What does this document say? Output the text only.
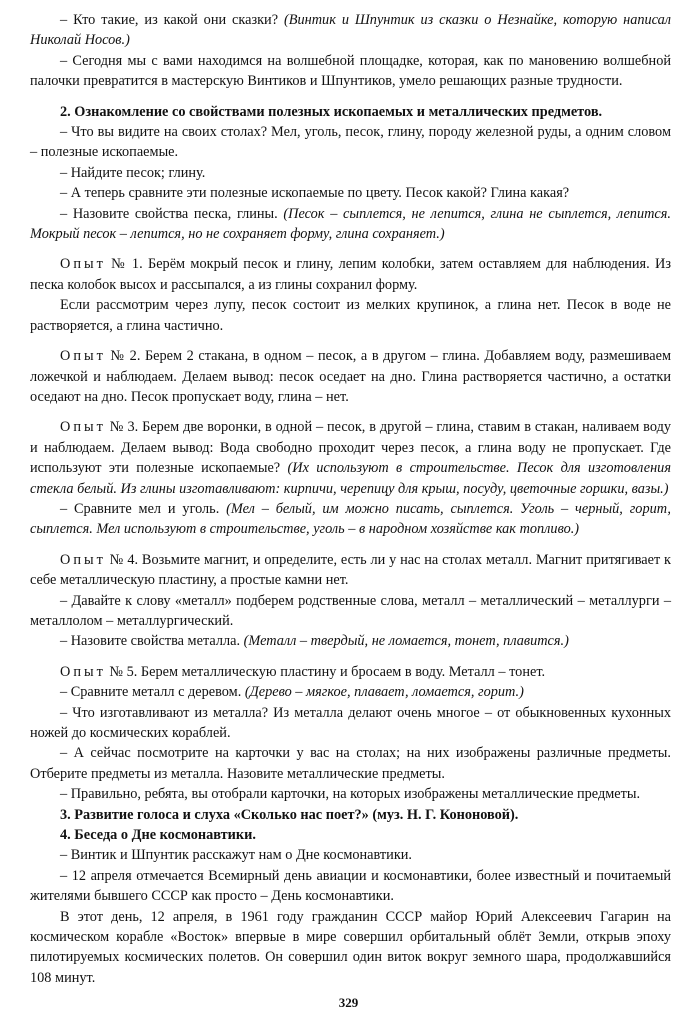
– Кто такие, из какой они сказки? (Винтик и Шпунтик из сказки о Незнайке, которую написал Николай Носов.)

– Сегодня мы с вами находимся на волшебной площадке, которая, как по мановению волшебной палочки превратится в мастерскую Винтиков и Шпунтиков, умело решающих разные трудности.

2. Ознакомление со свойствами полезных ископаемых и металлических предметов.

– Что вы видите на своих столах? Мел, уголь, песок, глину, породу железной руды, а одним словом – полезные ископаемые.

– Найдите песок; глину.

– А теперь сравните эти полезные ископаемые по цвету. Песок какой? Глина какая?

– Назовите свойства песка, глины. (Песок – сыплется, не лепится, глина не сыплется, лепится. Мокрый песок – лепится, но не сохраняет форму, глина сохраняет.)

Опыт № 1. Берём мокрый песок и глину, лепим колобки, затем оставляем для наблюдения. Из песка колобок высох и рассыпался, а из глины сохранил форму.

Если рассмотрим через лупу, песок состоит из мелких крупинок, а глина нет. Песок в воде не растворяется, а глина частично.

Опыт № 2. Берем 2 стакана, в одном – песок, а в другом – глина. Добавляем воду, размешиваем ложечкой и наблюдаем. Делаем вывод: песок оседает на дно. Глина растворяется частично, а остатки оседают на дно. Песок пропускает воду, глина – нет.

Опыт № 3. Берем две воронки, в одной – песок, в другой – глина, ставим в стакан, наливаем воду и наблюдаем. Делаем вывод: Вода свободно проходит через песок, а глина воду не пропускает. Где используют эти полезные ископаемые? (Их используют в строительстве. Песок для изготовления стекла белый. Из глины изготавливают: кирпичи, черепицу для крыш, посуду, цветочные горшки, вазы.)

– Сравните мел и уголь. (Мел – белый, им можно писать, сыплется. Уголь – черный, горит, сыплется. Мел используют в строительстве, уголь – в народном хозяйстве как топливо.)

Опыт № 4. Возьмите магнит, и определите, есть ли у нас на столах металл. Магнит притягивает к себе металлическую пластину, а простые камни нет.

– Давайте к слову «металл» подберем родственные слова, металл – металлический – металлурги – металлолом – металлургический.

– Назовите свойства металла. (Металл – твердый, не ломается, тонет, плавится.)

Опыт № 5. Берем металлическую пластину и бросаем в воду. Металл – тонет.

– Сравните металл с деревом. (Дерево – мягкое, плавает, ломается, горит.)

– Что изготавливают из металла? Из металла делают очень многое – от обыкновенных кухонных ножей до космических кораблей.

– А сейчас посмотрите на карточки у вас на столах; на них изображены различные предметы. Отберите предметы из металла. Назовите металлические предметы.

– Правильно, ребята, вы отобрали карточки, на которых изображены металлические предметы.

3. Развитие голоса и слуха «Сколько нас поет?» (муз. Н. Г. Кононовой).
4. Беседа о Дне космонавтики.

– Винтик и Шпунтик расскажут нам о Дне космонавтики.

– 12 апреля отмечается Всемирный день авиации и космонавтики, более известный и почитаемый жителями бывшего СССР как просто – День космонавтики.

В этот день, 12 апреля, в 1961 году гражданин СССР майор Юрий Алексеевич Гагарин на космическом корабле «Восток» впервые в мире совершил орбитальный облёт Земли, открыв эпоху пилотируемых космических полетов. Он совершил один виток вокруг земного шара, продолжавшийся 108 минут.

329
